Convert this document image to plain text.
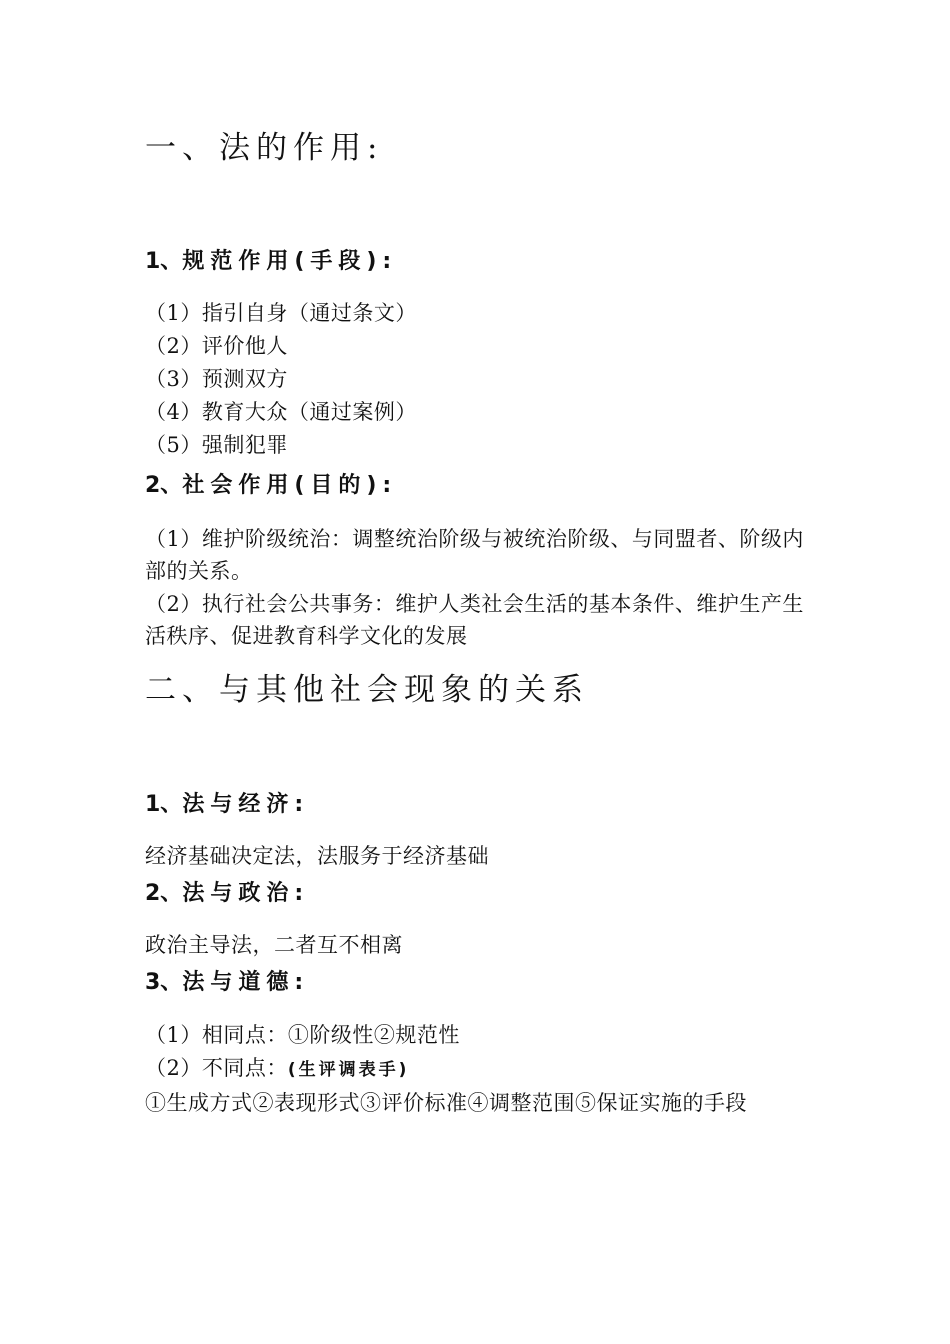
一、法的作用:
1、规范作用(手段):
（1）指引自身（通过条文）
（2）评价他人
（3）预测双方
（4）教育大众（通过案例）
（5）强制犯罪
2、社会作用(目的):
（1）维护阶级统治：调整统治阶级与被统治阶级、与同盟者、阶级内部的关系。
（2）执行社会公共事务：维护人类社会生活的基本条件、维护生产生活秩序、促进教育科学文化的发展
二、与其他社会现象的关系
1、法与经济:
经济基础决定法，法服务于经济基础
2、法与政治:
政治主导法，二者互不相离
3、法与道德:
（1）相同点：①阶级性②规范性
（2）不同点：(生评调表手)
①生成方式②表现形式③评价标准④调整范围⑤保证实施的手段
